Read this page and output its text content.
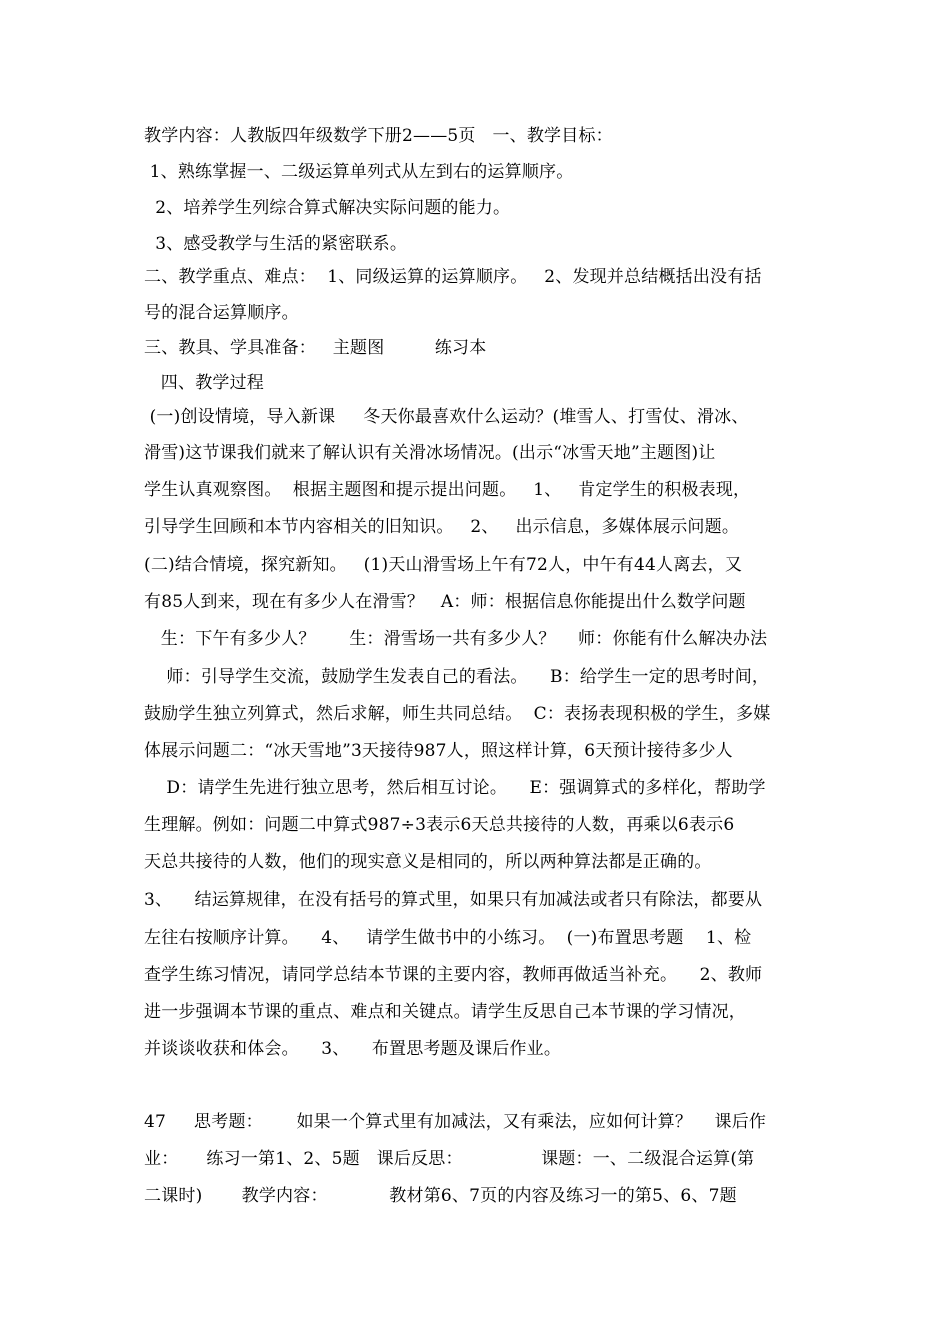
教学内容：人教版四年级数学下册2——5页   一、教学目标：
1、熟练掌握一、二级运算单列式从左到右的运算顺序。
2、培养学生列综合算式解决实际问题的能力。
3、感受教学与生活的紧密联系。
二、教学重点、难点：  1、同级运算的运算顺序。   2、发现并总结概括出没有括
号的混合运算顺序。
三、教具、学具准备：   主题图         练习本
四、教学过程
(一)创设情境，导入新课     冬天你最喜欢什么运动？(堆雪人、打雪仗、滑冰、
滑雪)这节课我们就来了解认识有关滑冰场情况。(出示“冰雪天地”主题图)让
学生认真观察图。  根据主题图和提示提出问题。   1、   肯定学生的积极表现，
引导学生回顾和本节内容相关的旧知识。   2、   出示信息，多媒体展示问题。
(二)结合情境，探究新知。   (1)天山滑雪场上午有72人，中午有44人离去，又
有85人到来，现在有多少人在滑雪？   A：师：根据信息你能提出什么数学问题
生：下午有多少人？      生：滑雪场一共有多少人？    师：你能有什么解决办法
师：引导学生交流，鼓励学生发表自己的看法。    B：给学生一定的思考时间，
鼓励学生独立列算式，然后求解，师生共同总结。  C：表扬表现积极的学生，多媒
体展示问题二：“冰天雪地”3天接待987人，照这样计算，6天预计接待多少人
D：请学生先进行独立思考，然后相互讨论。    E：强调算式的多样化，帮助学
生理解。例如：问题二中算式987÷3表示6天总共接待的人数，再乘以6表示6
天总共接待的人数，他们的现实意义是相同的，所以两种算法都是正确的。
3、    结运算规律，在没有括号的算式里，如果只有加减法或者只有除法，都要从
左往右按顺序计算。    4、   请学生做书中的小练习。  (一)布置思考题    1、检
查学生练习情况，请同学总结本节课的主要内容，教师再做适当补充。    2、教师
进一步强调本节课的重点、难点和关键点。请学生反思自己本节课的学习情况，
并谈谈收获和体会。    3、    布置思考题及课后作业。
47     思考题：      如果一个算式里有加减法，又有乘法，应如何计算？    课后作
业：     练习一第1、2、5题   课后反思：              课题：一、二级混合运算(第
二课时)       教学内容：           教材第6、7页的内容及练习一的第5、6、7题
